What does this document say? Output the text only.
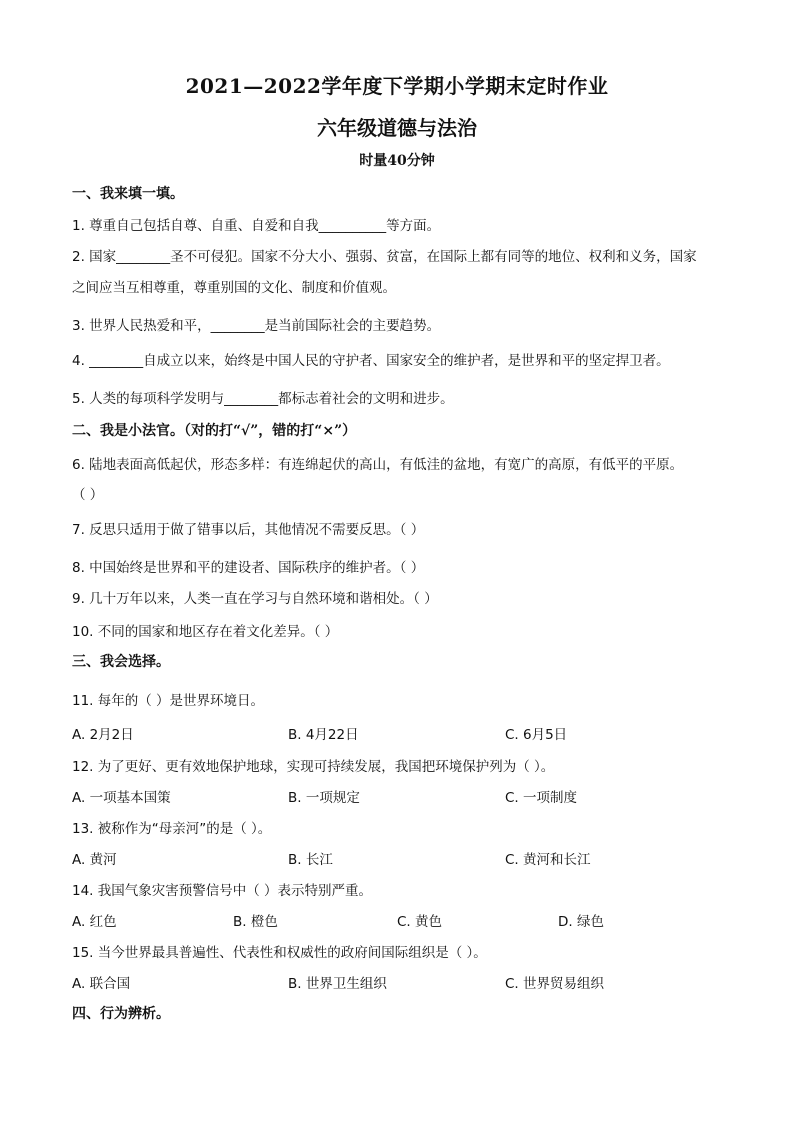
2021—2022学年度下学期小学期末定时作业
六年级道德与法治
时量40分钟
一、我来填一填。
1. 尊重自己包括自尊、自重、自爱和自我__________等方面。
2. 国家________圣不可侵犯。国家不分大小、强弱、贫富，在国际上都有同等的地位、权利和义务，国家
之间应当互相尊重，尊重别国的文化、制度和价值观。
3. 世界人民热爱和平，________是当前国际社会的主要趋势。
4. ________自成立以来，始终是中国人民的守护者、国家安全的维护者，是世界和平的坚定捍卫者。
5. 人类的每项科学发明与________都标志着社会的文明和进步。
二、我是小法官。（对的打“√”，错的打“×”）
6. 陆地表面高低起伏，形态多样：有连绵起伏的高山，有低洼的盆地，有宽广的高原，有低平的平原。
（ ）
7. 反思只适用于做了错事以后，其他情况不需要反思。（ ）
8. 中国始终是世界和平的建设者、国际秩序的维护者。（ ）
9. 几十万年以来，人类一直在学习与自然环境和谐相处。（ ）
10. 不同的国家和地区存在着文化差异。（ ）
三、我会选择。
11. 每年的（ ）是世界环境日。
A. 2月2日	B. 4月22日	C. 6月5日
12. 为了更好、更有效地保护地球，实现可持续发展，我国把环境保护列为（ ）。
A. 一项基本国策	B. 一项规定	C. 一项制度
13. 被称作为“母亲河”的是（ ）。
A. 黄河	B. 长江	C. 黄河和长江
14. 我国气象灾害预警信号中（ ）表示特别严重。
A. 红色	B. 橙色	C. 黄色	D. 绿色
15. 当今世界最具普遍性、代表性和权威性的政府间国际组织是（ ）。
A. 联合国	B. 世界卫生组织	C. 世界贸易组织
四、行为辨析。
